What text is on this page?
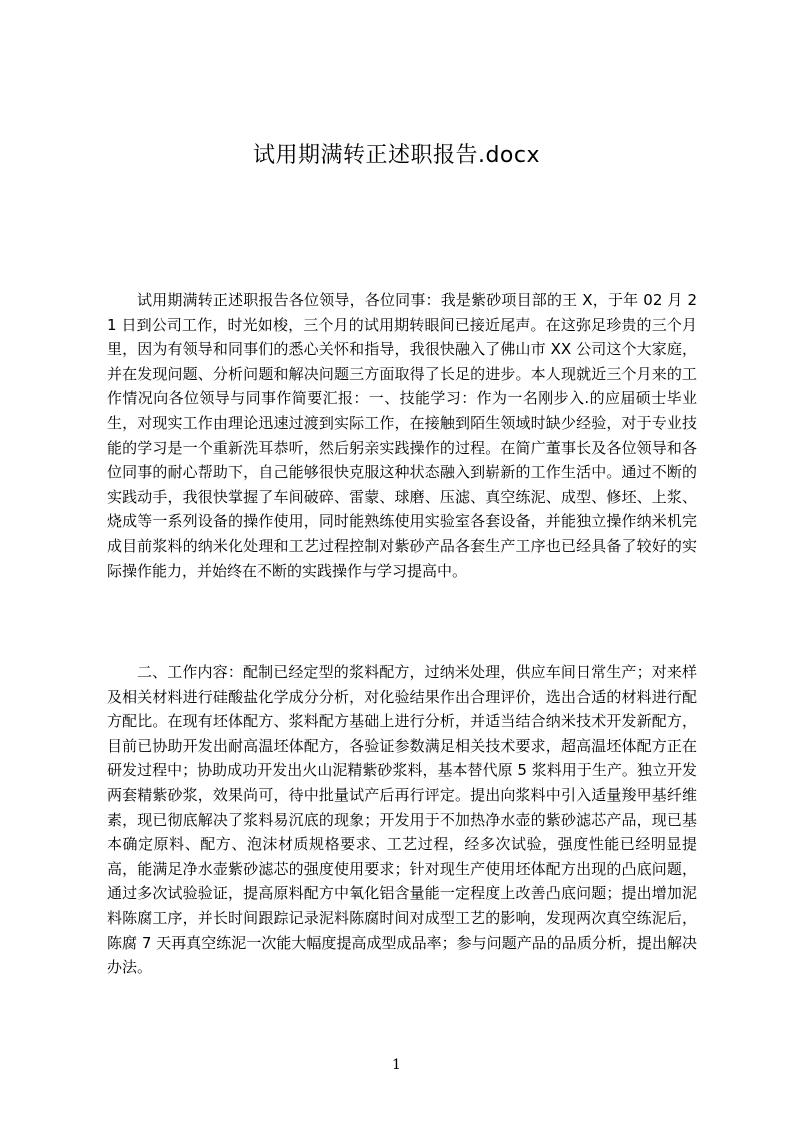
试用期满转正述职报告.docx

试用期满转正述职报告各位领导，各位同事：我是紫砂项目部的王 X，于年 02 月 21 日到公司工作，时光如梭，三个月的试用期转眼间已接近尾声。在这弥足珍贵的三个月里，因为有领导和同事们的悉心关怀和指导，我很快融入了佛山市 XX 公司这个大家庭，并在发现问题、分析问题和解决问题三方面取得了长足的进步。本人现就近三个月来的工作情况向各位领导与同事作简要汇报：一、技能学习：作为一名刚步入.的应届硕士毕业生，对现实工作由理论迅速过渡到实际工作，在接触到陌生领域时缺少经验，对于专业技能的学习是一个重新洗耳恭听，然后躬亲实践操作的过程。在简广董事长及各位领导和各位同事的耐心帮助下，自己能够很快克服这种状态融入到崭新的工作生活中。通过不断的实践动手，我很快掌握了车间破碎、雷蒙、球磨、压滤、真空练泥、成型、修坯、上浆、烧成等一系列设备的操作使用，同时能熟练使用实验室各套设备，并能独立操作纳米机完成目前浆料的纳米化处理和工艺过程控制对紫砂产品各套生产工序也已经具备了较好的实际操作能力，并始终在不断的实践操作与学习提高中。

二、工作内容：配制已经定型的浆料配方，过纳米处理，供应车间日常生产；对来样及相关材料进行硅酸盐化学成分分析，对化验结果作出合理评价，选出合适的材料进行配方配比。在现有坯体配方、浆料配方基础上进行分析，并适当结合纳米技术开发新配方，目前已协助开发出耐高温坯体配方，各验证参数满足相关技术要求，超高温坯体配方正在研发过程中；协助成功开发出火山泥精紫砂浆料，基本替代原 5 浆料用于生产。独立开发两套精紫砂浆，效果尚可，待中批量试产后再行评定。提出向浆料中引入适量羧甲基纤维素，现已彻底解决了浆料易沉底的现象；开发用于不加热净水壶的紫砂滤芯产品，现已基本确定原料、配方、泡沫材质规格要求、工艺过程，经多次试验，强度性能已经明显提高，能满足净水壶紫砂滤芯的强度使用要求；针对现生产使用坯体配方出现的凸底问题，通过多次试验验证，提高原料配方中氧化铝含量能一定程度上改善凸底问题；提出增加泥料陈腐工序，并长时间跟踪记录泥料陈腐时间对成型工艺的影响，发现两次真空练泥后，陈腐 7 天再真空练泥一次能大幅度提高成型成品率；参与问题产品的品质分析，提出解决办法。

1
